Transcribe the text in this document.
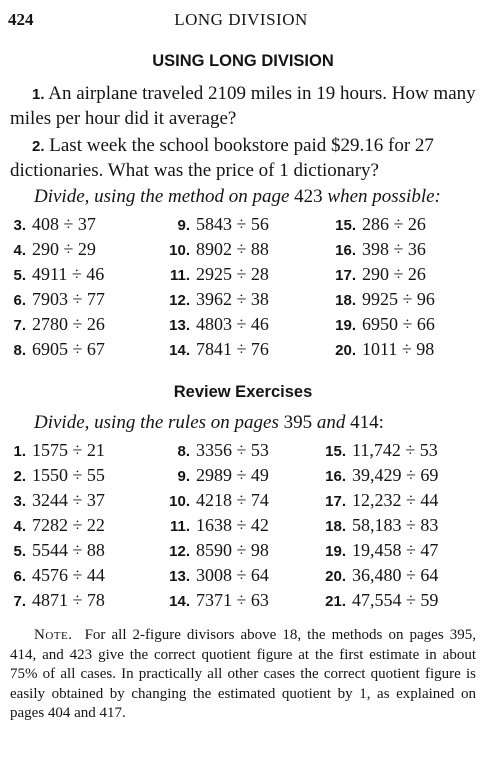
424	LONG DIVISION
USING LONG DIVISION
1. An airplane traveled 2109 miles in 19 hours. How many miles per hour did it average?
2. Last week the school bookstore paid $29.16 for 27 dictionaries. What was the price of 1 dictionary?
Divide, using the method on page 423 when possible:
3. 408 ÷ 37	9. 5843 ÷ 56	15. 286 ÷ 26
4. 290 ÷ 29	10. 8902 ÷ 88	16. 398 ÷ 36
5. 4911 ÷ 46	11. 2925 ÷ 28	17. 290 ÷ 26
6. 7903 ÷ 77	12. 3962 ÷ 38	18. 9925 ÷ 96
7. 2780 ÷ 26	13. 4803 ÷ 46	19. 6950 ÷ 66
8. 6905 ÷ 67	14. 7841 ÷ 76	20. 1011 ÷ 98
Review Exercises
Divide, using the rules on pages 395 and 414:
1. 1575 ÷ 21	8. 3356 ÷ 53	15. 11,742 ÷ 53
2. 1550 ÷ 55	9. 2989 ÷ 49	16. 39,429 ÷ 69
3. 3244 ÷ 37	10. 4218 ÷ 74	17. 12,232 ÷ 44
4. 7282 ÷ 22	11. 1638 ÷ 42	18. 58,183 ÷ 83
5. 5544 ÷ 88	12. 8590 ÷ 98	19. 19,458 ÷ 47
6. 4576 ÷ 44	13. 3008 ÷ 64	20. 36,480 ÷ 64
7. 4871 ÷ 78	14. 7371 ÷ 63	21. 47,554 ÷ 59

Note. For all 2-figure divisors above 18, the methods on pages 395, 414, and 423 give the correct quotient figure at the first estimate in about 75% of all cases. In practically all other cases the correct quotient figure is easily obtained by changing the estimated quotient by 1, as explained on pages 404 and 417.
